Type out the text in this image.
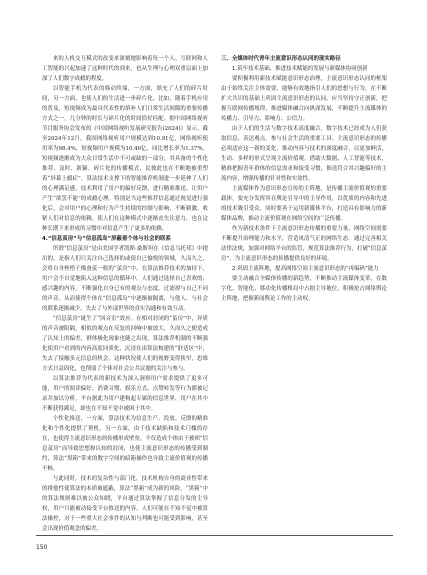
来的人机交互模式的改变来深刻地影响着每一个人。互联网和人工智能的兴起加速了这种时代的到来，也从生理与心理双重层面上加深了人们数字成瘾的程度。

以智能手机为代表的移动终端，一方面，填充了人们的碎片时间，另一方面，也使人们的生活进一步碎片化。比如，随着手机应用的普及，短视频成为最具代表性的填补人们日常生活间隙的重要传播方式之一，几分钟的时长与碎片化的时间恰好匹配。据中国网络视听节目服务协会发布的《中国网络视听发展研究报告(2024)》显示，截至2024年12月，我国网络视听用户规模达到10.91亿，网络视听使用率为98.4%，短视频用户规模为10.40亿，同比增长率为1.37%。短视频逐渐成为大众日常生活中不可或缺的一部分，其具备的个性化推荐、及时、新颖、碎片化的传播模式，民彼此也在不断地被重塑着“屏幕上瘾症”。算法技术支撑下的智能推荐机制进一步延伸了人们的心理满足感，技术利用了用户的偏好反馈，进行精准推送，让用户产生“欲罢不能”的成瘾心理。特别是当这些推荐信息通过视觉进行强化后，会对用户的心理和行为产生持续的控制与影响，不断刺激、收紧人们对信息的依赖，使人们在这种模式中逐渐丧失注意力，也在这种长期下来形成的习惯中对信息产生了更多的依赖。

4.“信息茧房”与“信息孤岛”屏蔽着个体与社会的联系

所谓“信息茧房”是由美国学者凯斯·桑斯坦在《信息乌托邦》中提出的，是指人们只关注自己选择的或使自己愉悦的领域，久而久之，会将自身桎梏于像蚕茧一般的“茧房”中。在算法推荐技术的加持下，用户会不自觉地陷入这种信息的循环中。人们通过选择自己喜欢的、感兴趣的内容，不断强化自身已有的观点与态度，过滤掉与自己不同的声音。从而使得个体在“信息孤岛”中逐渐被隔离，与他人、与社会的联系逐渐减少，失去了与外部世界的真实沟通和有效互动。

“信息茧房”诞生了“回音室”效应。在相对封闭的“茧房”中，异质的声音被阻隔，相似的观点在反复的回响中被放大，久而久之便造成了认知上的偏差，群体极化现象也随之出现。算法推荐机制的不断强化使用户看到的内容高度同质化，沉浸在由算法构建的“舒适区”中，失去了接触多元信息的机会。这种状况使人们的视野变得狭窄，思维方式日益固化，也削弱了个体对社会公共议题的关注与参与。

以算法推荐为代表的新技术为深入洞察用户需求提供了更多可能，用户的阅读偏好、消费习惯、娱乐方式、点赞转发等行为都被记录并加以分析，平台据此为用户建构起专属的信息世界，用户在其中不断获得满足，却也在不知不觉中被困于其中。

个性化推送，一方面，算法技术为信息生产、投放、反馈的精准化和个性化提供了契机，另一方面，由于技术缺陷和技术门槛的存在，也使得主流意识形态的传播形成壁垒。不仅造成个体由于被困“信息茧房”而导致思想和认知的封闭，也使主流意识形态的传播受到制约，算法“黑箱”带来的数字空间的暗箱操作也导致主流价值观的传播不畅。

与此同时，技术的复杂性与部门化，技术机构自身的商业性带来的排他性使算法的本质被遮蔽，算法“黑箱”成为新的风险。“黑箱”中的算法规则难以被公众知晓，平台通过算法掌握了信息分发的主导权，用户只能被动接受平台推送的内容。人们可能在不知不觉中被算法操控，对于一些重大社会事件的认知与判断也可能受到影响，甚至会出现价值观念的偏差。

三、全媒体时代青年主流意识形态认同的现实路径

1.筑牢技术基础，推进技术赋能的发展与新媒体协同创新

要积极利用新技术赋能意识形态治理，主流意识形态认同的框架由于始终关注主体需要，能够有效地指引人们的思想与行为，在不断扩大共识的基础上巩固主流意识形态的认同。应当坚持守正创新，把握互联网传播规律，推进媒体融合向纵深发展，不断提升主流媒体的传播力、引导力、影响力、公信力。

由于人们的生活与数字技术高度融合，数字技术已经成为人们获取信息、表达观点、参与社会生活的重要工具。主流意识形态的传播必须适应这一新的变化，推动内容与技术的深度融合，以更加鲜活、生动、多样的形式呈现主流价值观。借助大数据、人工智能等技术，精准把握青年群体的信息需求和接受习惯，推送符合其兴趣偏好的主流内容，增强传播的针对性和实效性。

主流媒体作为意识形态宣传的主阵地，是传播主流价值观的重要载体，要充分发挥其在舆论引导中的主导作用，以优质的内容和先进的技术吸引受众。同时要善于运用新媒体平台，打造具有影响力的新媒体品牌，推动主流价值观在网络空间的广泛传播。

作为新技术条件下主流意识形态传播的重要力量，网络空间需要不断提升治理能力和水平，营造风清气正的网络生态。通过完善相关法律法规，加强对网络平台的监管，规范算法推荐行为，打破“信息茧房”，为主流意识形态的传播提供良好的环境。

2.巩固主流阵地，提高网络空间主流意识形态的“再编码”能力

要主动融合全媒体传播的新趋势，不断推动主流媒体变革，在数字化、智能化、移动化传播格局中占据主导地位，积极抢占网络舆论主阵地，把握新闻舆论工作的主动权。

150
